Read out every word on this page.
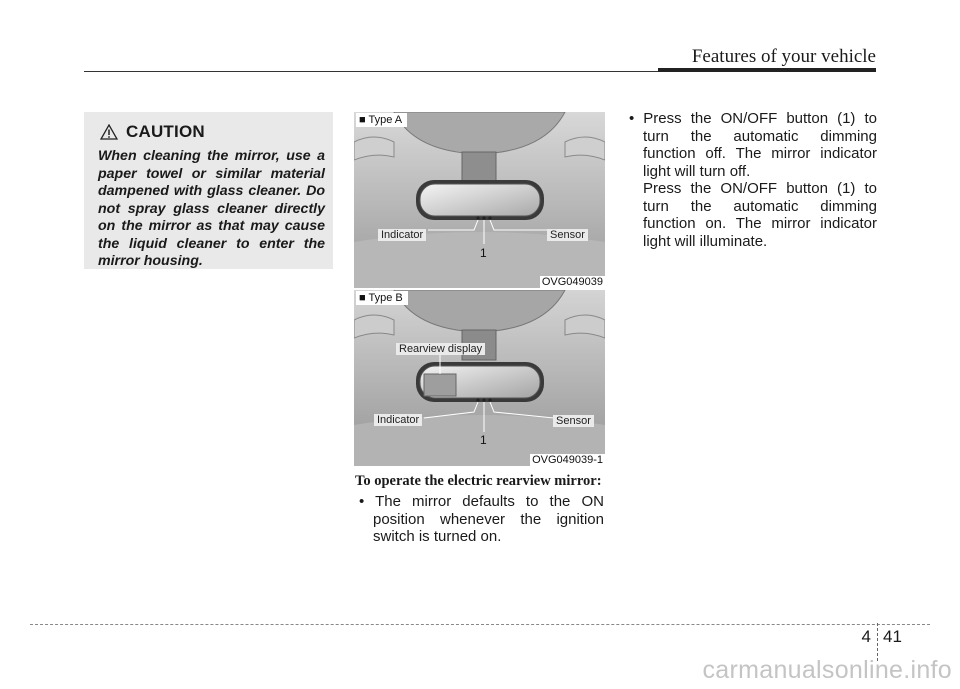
Features of your vehicle
CAUTION

When cleaning the mirror, use a paper towel or similar material dampened with glass cleaner. Do not spray glass cleaner directly on the mirror as that may cause the liquid cleaner to enter the mirror housing.

■ Type A
Indicator	Sensor
1
OVG049039
■ Type B
Rearview display
Indicator	Sensor
1
OVG049039-1
To operate the electric rearview mirror:
• The mirror defaults to the ON position whenever the ignition switch is turned on.
• Press the ON/OFF button (1) to turn the automatic dimming function off. The mirror indicator light will turn off.
Press the ON/OFF button (1) to turn the automatic dimming function on. The mirror indicator light will illuminate.
4 41
carmanualsonline.info
